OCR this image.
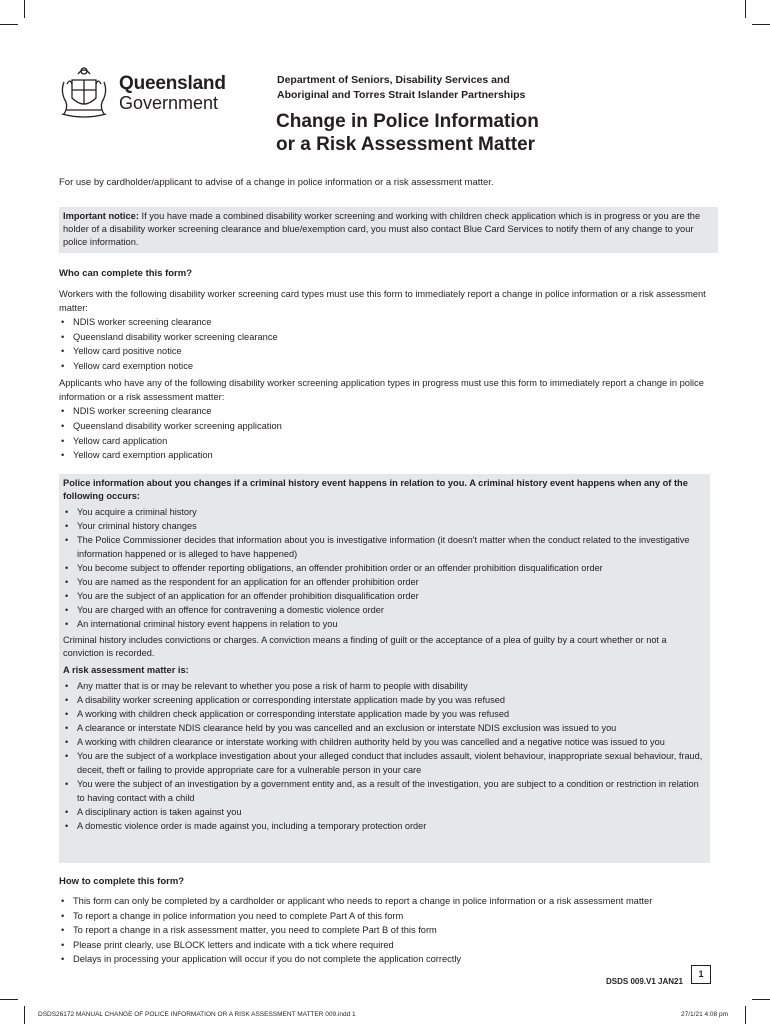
Queensland
Government
Department of Seniors, Disability Services and
Aboriginal and Torres Strait Islander Partnerships
Change in Police Information
or a Risk Assessment Matter
For use by cardholder/applicant to advise of a change in police information or a risk assessment matter.
Important notice: If you have made a combined disability worker screening and working with children check application which is in progress or you are the holder of a disability worker screening clearance and blue/exemption card, you must also contact Blue Card Services to notify them of any change to your police information.
Who can complete this form?

Workers with the following disability worker screening card types must use this form to immediately report a change in police information or a risk assessment matter:

• NDIS worker screening clearance
• Queensland disability worker screening clearance
• Yellow card positive notice
• Yellow card exemption notice

Applicants who have any of the following disability worker screening application types in progress must use this form to immediately report a change in police information or a risk assessment matter:

• NDIS worker screening clearance
• Queensland disability worker screening application
• Yellow card application
• Yellow card exemption application
Police information about you changes if a criminal history event happens in relation to you. A criminal history event happens when any of the following occurs:
• You acquire a criminal history
• Your criminal history changes
• The Police Commissioner decides that information about you is investigative information (it doesn't matter when the conduct related to the investigative information happened or is alleged to have happened)
• You become subject to offender reporting obligations, an offender prohibition order or an offender prohibition disqualification order
• You are named as the respondent for an application for an offender prohibition order
• You are the subject of an application for an offender prohibition disqualification order
• You are charged with an offence for contravening a domestic violence order
• An international criminal history event happens in relation to you

Criminal history includes convictions or charges. A conviction means a finding of guilt or the acceptance of a plea of guilty by a court whether or not a conviction is recorded.

A risk assessment matter is:
• Any matter that is or may be relevant to whether you pose a risk of harm to people with disability
• A disability worker screening application or corresponding interstate application made by you was refused
• A working with children check application or corresponding interstate application made by you was refused
• A clearance or interstate NDIS clearance held by you was cancelled and an exclusion or interstate NDIS exclusion was issued to you
• A working with children clearance or interstate working with children authority held by you was cancelled and a negative notice was issued to you
• You are the subject of a workplace investigation about your alleged conduct that includes assault, violent behaviour, inappropriate sexual behaviour, fraud, deceit, theft or failing to provide appropriate care for a vulnerable person in your care
• You were the subject of an investigation by a government entity and, as a result of the investigation, you are subject to a condition or restriction in relation to having contact with a child
• A disciplinary action is taken against you
• A domestic violence order is made against you, including a temporary protection order
How to complete this form?
• This form can only be completed by a cardholder or applicant who needs to report a change in police information or a risk assessment matter
• To report a change in police information you need to complete Part A of this form
• To report a change in a risk assessment matter, you need to complete Part B of this form
• Please print clearly, use BLOCK letters and indicate with a tick where required
• Delays in processing your application will occur if you do not complete the application correctly
DSDS 009.V1 JAN21
1
DSDS26172 MANUAL CHANGE OF POLICE INFORMATION OR A RISK ASSESSMENT MATTER 009.indd 1	27/1/21 4:08 pm
